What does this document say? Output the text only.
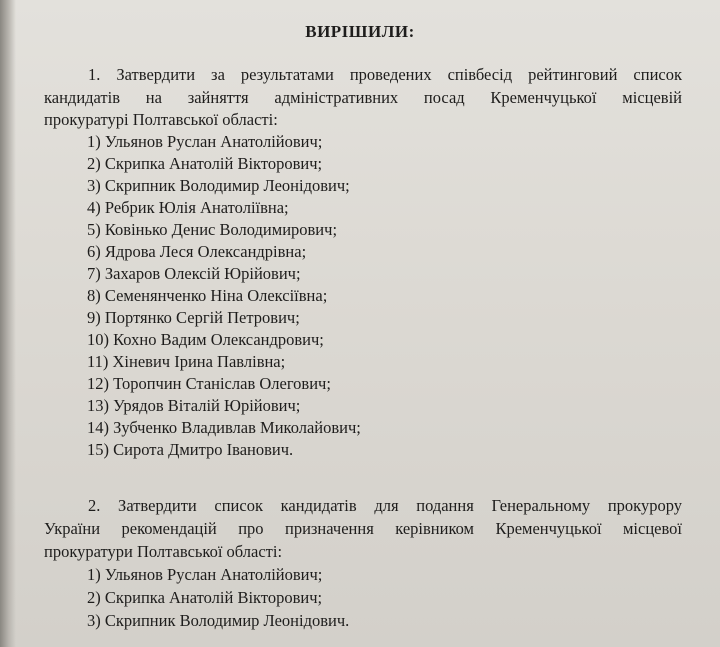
ВИРІШИЛИ:
1. Затвердити за результатами проведених співбесід рейтинговий список
кандидатів на зайняття адміністративних посад Кременчуцької місцевій
прокуратурі Полтавської області:
1) Ульянов Руслан Анатолійович;
2) Скрипка Анатолій Вікторович;
3) Скрипник Володимир Леонідович;
4) Ребрик Юлія Анатоліївна;
5) Ковінько Денис Володимирович;
6) Ядрова Леся Олександрівна;
7) Захаров Олексій Юрійович;
8) Семенянченко Ніна Олексіївна;
9) Портянко Сергій Петрович;
10) Кохно Вадим Олександрович;
11) Хіневич Ірина Павлівна;
12) Торопчин Станіслав Олегович;
13) Урядов Віталій Юрійович;
14) Зубченко Владивлав Миколайович;
15) Сирота Дмитро Іванович.
2. Затвердити список кандидатів для подання Генеральному прокурору
України рекомендацій про призначення керівником Кременчуцької місцевої
прокуратури Полтавської області:
1) Ульянов Руслан Анатолійович;
2) Скрипка Анатолій Вікторович;
3) Скрипник Володимир Леонідович.
